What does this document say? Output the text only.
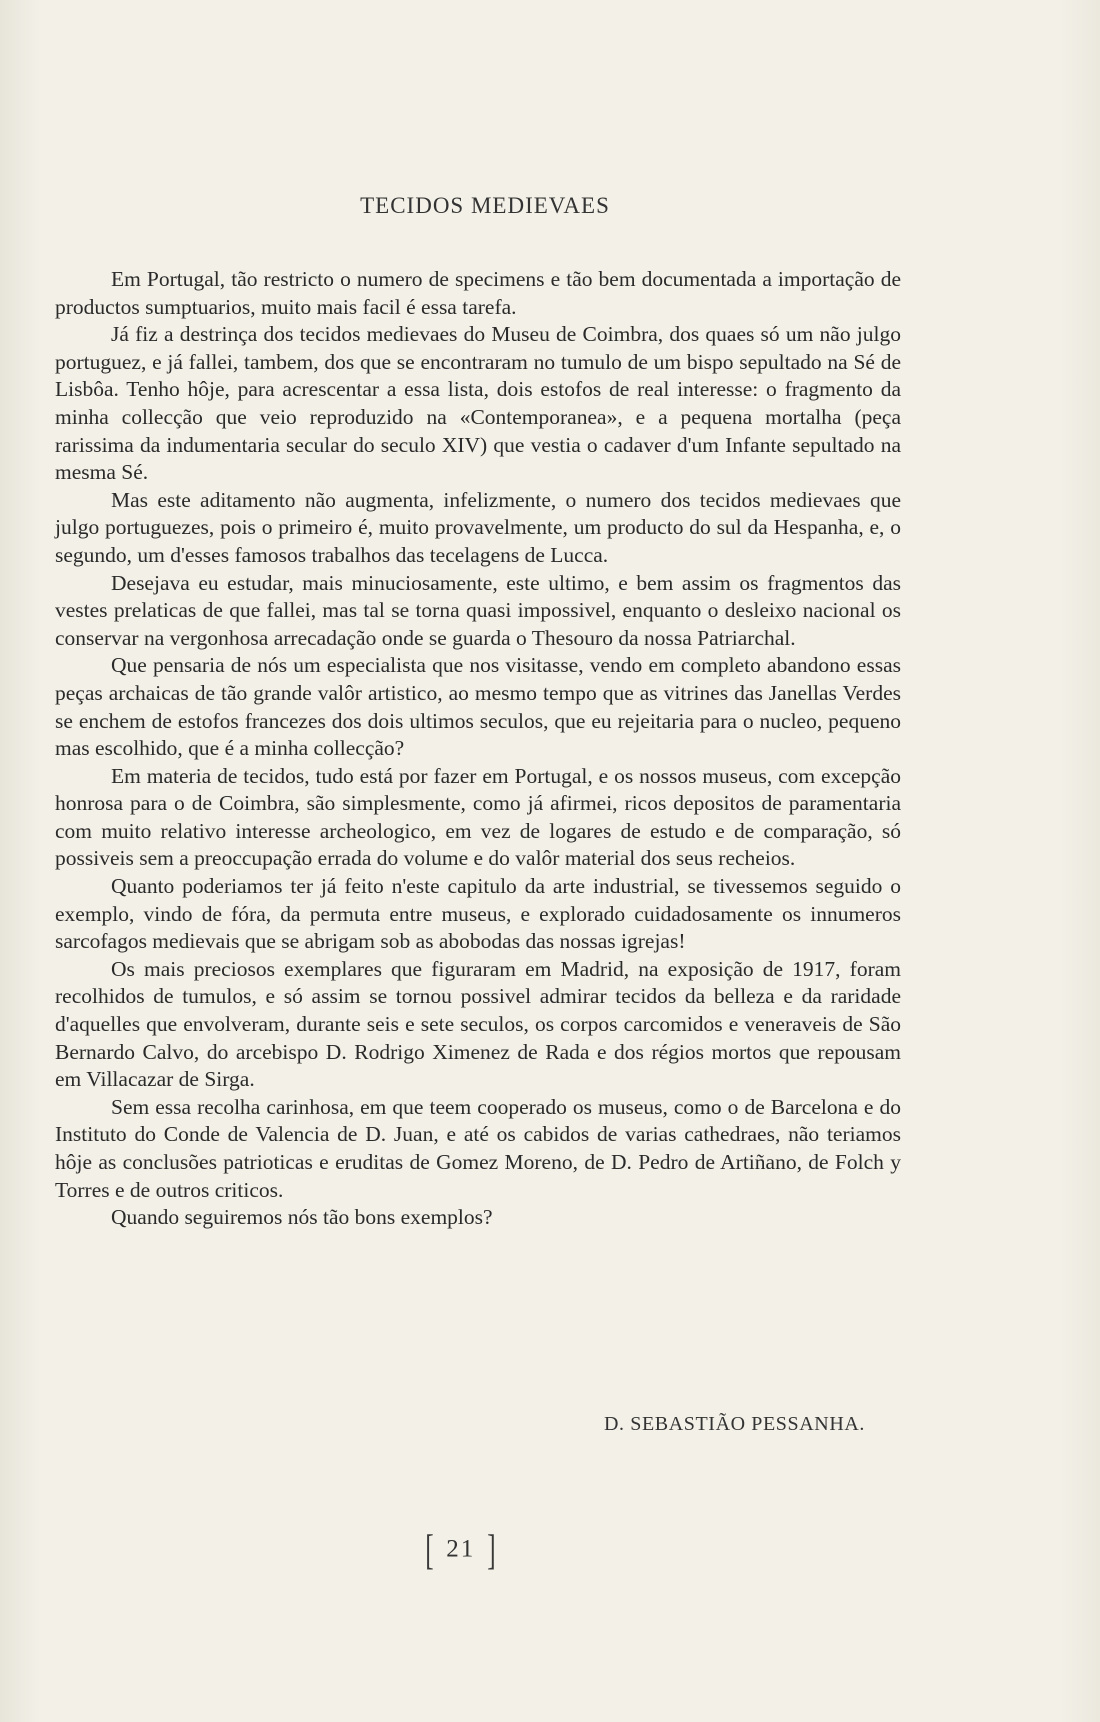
TECIDOS MEDIEVAES

Em Portugal, tão restricto o numero de specimens e tão bem documentada a importação de productos sumptuarios, muito mais facil é essa tarefa.

Já fiz a destrinça dos tecidos medievaes do Museu de Coimbra, dos quaes só um não julgo portuguez, e já fallei, tambem, dos que se encontraram no tumulo de um bispo sepultado na Sé de Lisbôa. Tenho hôje, para acrescentar a essa lista, dois estofos de real interesse: o fragmento da minha collecção que veio reproduzido na «Contemporanea», e a pequena mortalha (peça rarissima da indumentaria secular do seculo XIV) que vestia o cadaver d'um Infante sepultado na mesma Sé.

Mas este aditamento não augmenta, infelizmente, o numero dos tecidos medievaes que julgo portuguezes, pois o primeiro é, muito provavelmente, um producto do sul da Hespanha, e, o segundo, um d'esses famosos trabalhos das tecelagens de Lucca.

Desejava eu estudar, mais minuciosamente, este ultimo, e bem assim os fragmentos das vestes prelaticas de que fallei, mas tal se torna quasi impossivel, enquanto o desleixo nacional os conservar na vergonhosa arrecadação onde se guarda o Thesouro da nossa Patriarchal.

Que pensaria de nós um especialista que nos visitasse, vendo em completo abandono essas peças archaicas de tão grande valôr artistico, ao mesmo tempo que as vitrines das Janellas Verdes se enchem de estofos francezes dos dois ultimos seculos, que eu rejeitaria para o nucleo, pequeno mas escolhido, que é a minha collecção?

Em materia de tecidos, tudo está por fazer em Portugal, e os nossos museus, com excepção honrosa para o de Coimbra, são simplesmente, como já afirmei, ricos depositos de paramentaria com muito relativo interesse archeologico, em vez de logares de estudo e de comparação, só possiveis sem a preoccupação errada do volume e do valôr material dos seus recheios.

Quanto poderiamos ter já feito n'este capitulo da arte industrial, se tivessemos seguido o exemplo, vindo de fóra, da permuta entre museus, e explorado cuidadosamente os innumeros sarcofagos medievais que se abrigam sob as abobodas das nossas igrejas!

Os mais preciosos exemplares que figuraram em Madrid, na exposição de 1917, foram recolhidos de tumulos, e só assim se tornou possivel admirar tecidos da belleza e da raridade d'aquelles que envolveram, durante seis e sete seculos, os corpos carcomidos e veneraveis de São Bernardo Calvo, do arcebispo D. Rodrigo Ximenez de Rada e dos régios mortos que repousam em Villacazar de Sirga.

Sem essa recolha carinhosa, em que teem cooperado os museus, como o de Barcelona e do Instituto do Conde de Valencia de D. Juan, e até os cabidos de varias cathedraes, não teriamos hôje as conclusões patrioticas e eruditas de Gomez Moreno, de D. Pedro de Artiñano, de Folch y Torres e de outros criticos.

Quando seguiremos nós tão bons exemplos?

D. SEBASTIÃO PESSANHA.
[ 21 ]
